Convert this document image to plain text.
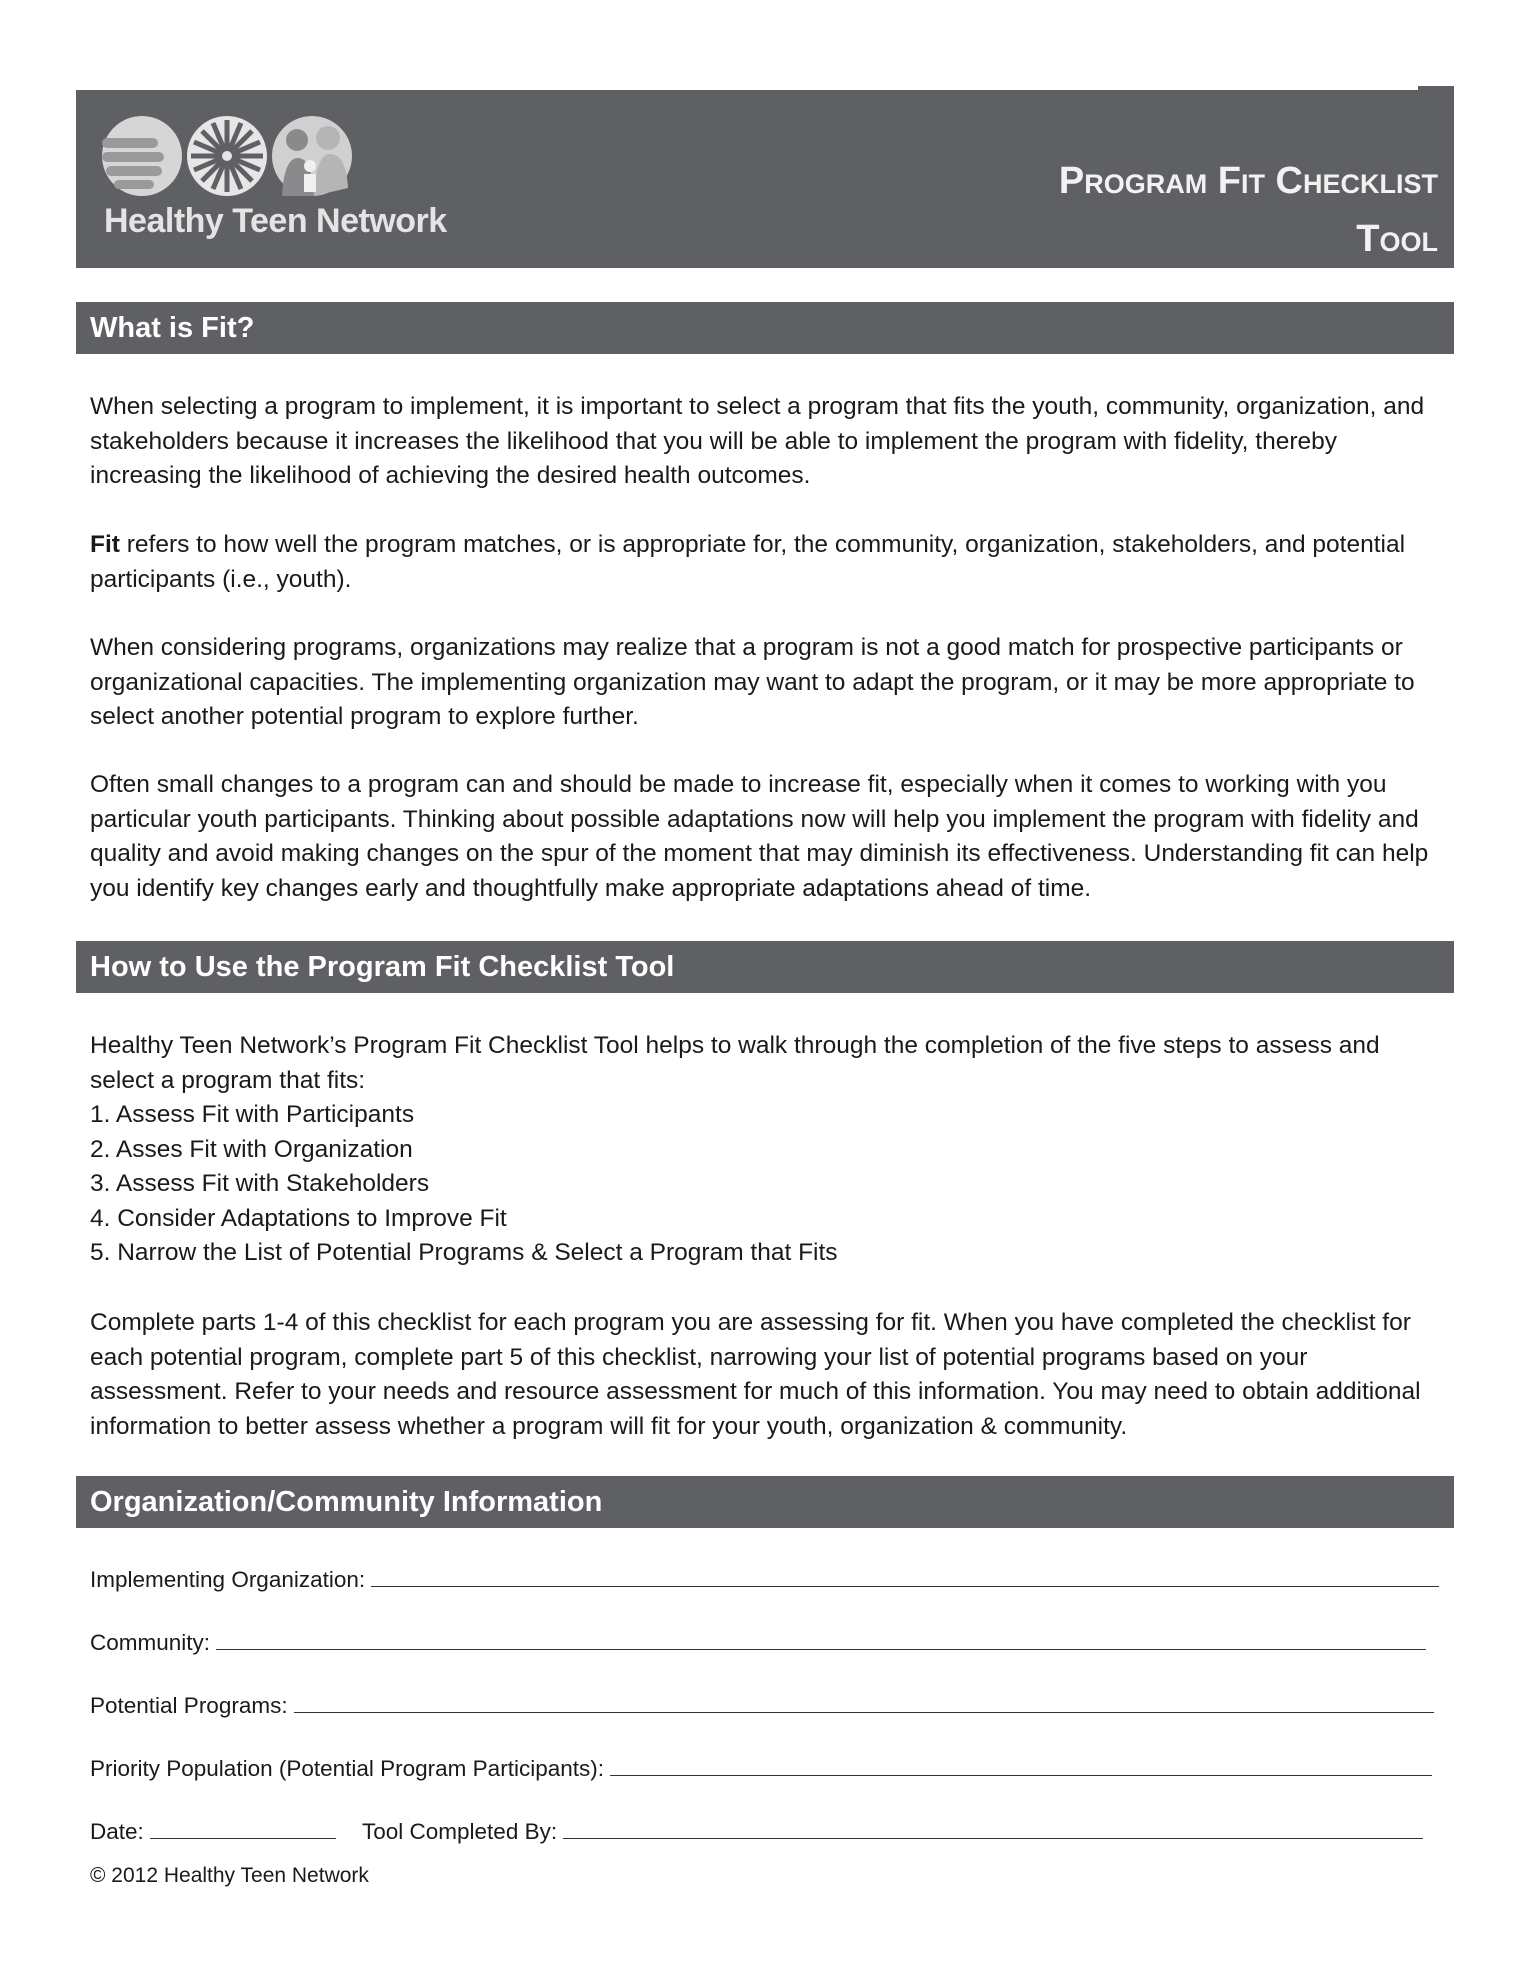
Healthy Teen Network
Program Fit Checklist
Tool
What is Fit?

When selecting a program to implement, it is important to select a program that fits the youth, community, organization, and stakeholders because it increases the likelihood that you will be able to implement the program with fidelity, thereby increasing the likelihood of achieving the desired health outcomes.

Fit refers to how well the program matches, or is appropriate for, the community, organization, stakeholders, and potential participants (i.e., youth).

When considering programs, organizations may realize that a program is not a good match for prospective participants or organizational capacities. The implementing organization may want to adapt the program, or it may be more appropriate to select another potential program to explore further.

Often small changes to a program can and should be made to increase fit, especially when it comes to working with you particular youth participants. Thinking about possible adaptations now will help you implement the program with fidelity and quality and avoid making changes on the spur of the moment that may diminish its effectiveness. Understanding fit can help you identify key changes early and thoughtfully make appropriate adaptations ahead of time.

How to Use the Program Fit Checklist Tool

Healthy Teen Network’s Program Fit Checklist Tool helps to walk through the completion of the five steps to assess and select a program that fits:

1. Assess Fit with Participants
2. Asses Fit with Organization
3. Assess Fit with Stakeholders
4. Consider Adaptations to Improve Fit
5. Narrow the List of Potential Programs & Select a Program that Fits

Complete parts 1-4 of this checklist for each program you are assessing for fit. When you have completed the checklist for each potential program, complete part 5 of this checklist, narrowing your list of potential programs based on your assessment. Refer to your needs and resource assessment for much of this information. You may need to obtain additional information to better assess whether a program will fit for your youth, organization & community.

Organization/Community Information
Implementing Organization:
Community:
Potential Programs:
Priority Population (Potential Program Participants):
Date:	Tool Completed By:
© 2012 Healthy Teen Network
